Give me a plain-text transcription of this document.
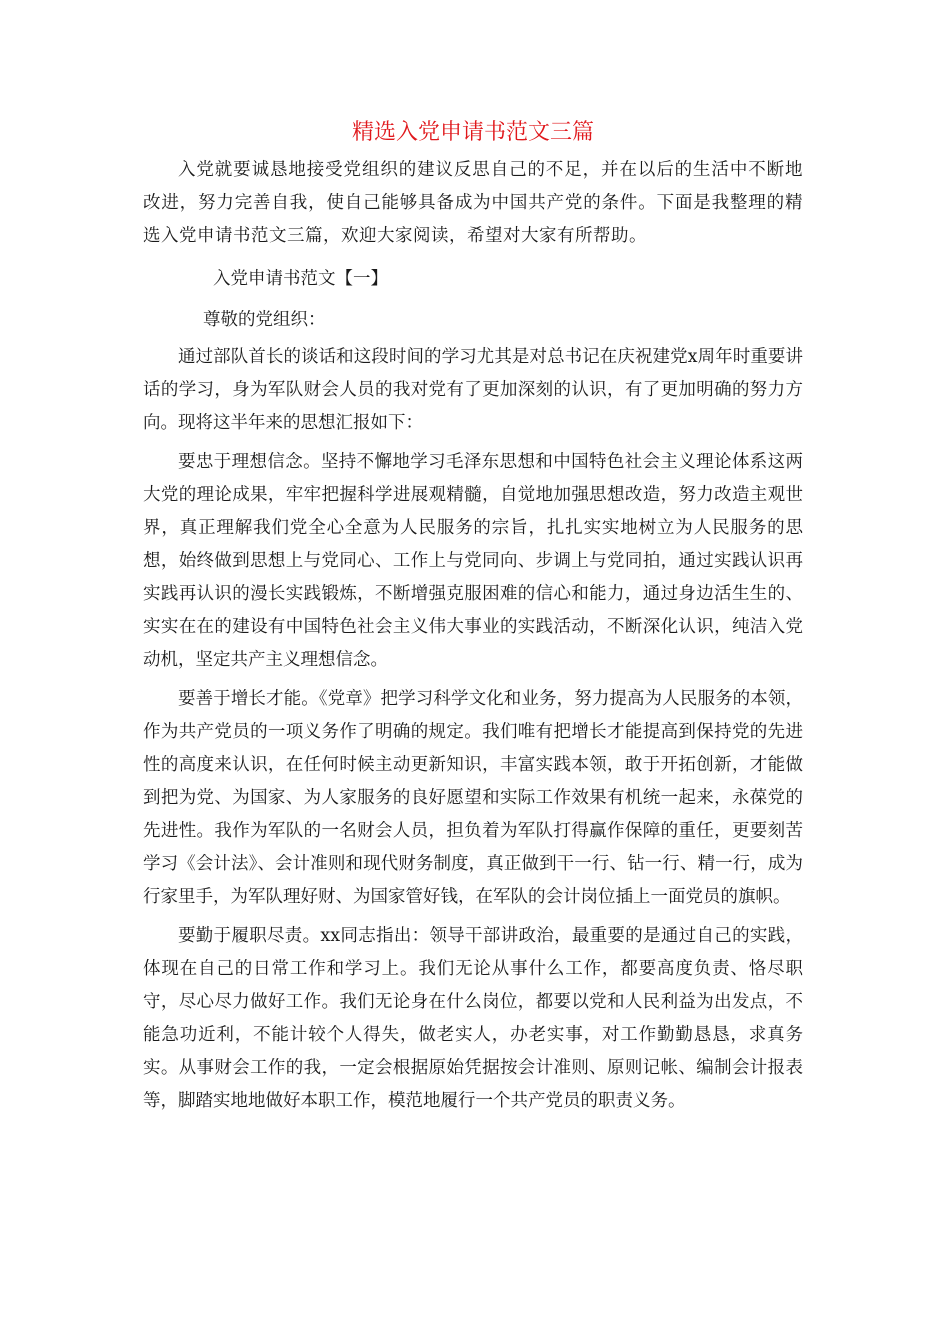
精选入党申请书范文三篇

入党就要诚恳地接受党组织的建议反思自己的不足，并在以后的生活中不断地改进，努力完善自我，使自己能够具备成为中国共产党的条件。下面是我整理的精选入党申请书范文三篇，欢迎大家阅读，希望对大家有所帮助。

入党申请书范文【一】
尊敬的党组织：

通过部队首长的谈话和这段时间的学习尤其是对总书记在庆祝建党x周年时重要讲话的学习，身为军队财会人员的我对党有了更加深刻的认识，有了更加明确的努力方向。现将这半年来的思想汇报如下：

要忠于理想信念。坚持不懈地学习毛泽东思想和中国特色社会主义理论体系这两大党的理论成果，牢牢把握科学进展观精髓，自觉地加强思想改造，努力改造主观世界，真正理解我们党全心全意为人民服务的宗旨，扎扎实实地树立为人民服务的思想，始终做到思想上与党同心、工作上与党同向、步调上与党同拍，通过实践认识再实践再认识的漫长实践锻炼，不断增强克服困难的信心和能力，通过身边活生生的、实实在在的建设有中国特色社会主义伟大事业的实践活动，不断深化认识，纯洁入党动机，坚定共产主义理想信念。

要善于增长才能。《党章》把学习科学文化和业务，努力提高为人民服务的本领，作为共产党员的一项义务作了明确的规定。我们唯有把增长才能提高到保持党的先进性的高度来认识，在任何时候主动更新知识，丰富实践本领，敢于开拓创新，才能做到把为党、为国家、为人家服务的良好愿望和实际工作效果有机统一起来，永葆党的先进性。我作为军队的一名财会人员，担负着为军队打得赢作保障的重任，更要刻苦学习《会计法》、会计准则和现代财务制度，真正做到干一行、钻一行、精一行，成为行家里手，为军队理好财、为国家管好钱，在军队的会计岗位插上一面党员的旗帜。

要勤于履职尽责。xx同志指出：领导干部讲政治，最重要的是通过自己的实践，体现在自己的日常工作和学习上。我们无论从事什么工作，都要高度负责、恪尽职守，尽心尽力做好工作。我们无论身在什么岗位，都要以党和人民利益为出发点，不能急功近利，不能计较个人得失，做老实人，办老实事，对工作勤勤恳恳，求真务实。从事财会工作的我，一定会根据原始凭据按会计准则、原则记帐、编制会计报表等，脚踏实地地做好本职工作，模范地履行一个共产党员的职责义务。
